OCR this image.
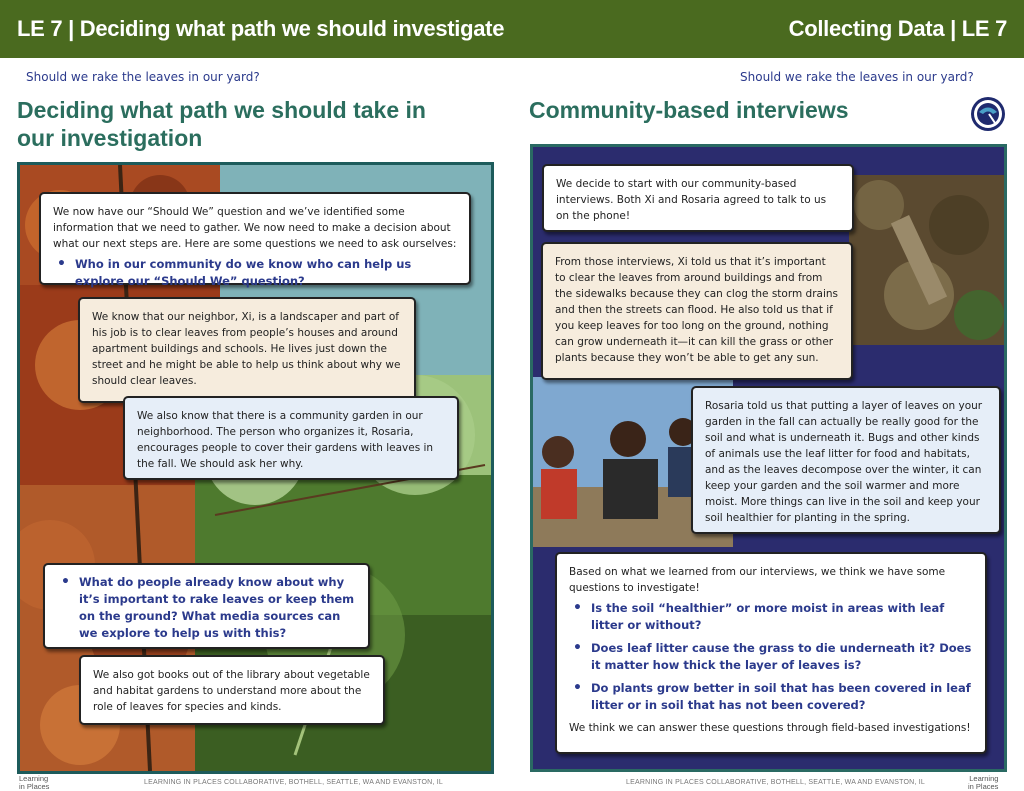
LE 7 | Deciding what path we should investigate	Collecting Data | LE 7
Should we rake the leaves in our yard?
Deciding what path we should take in
our investigation
We now have our “Should We” question and we’ve identified some information that we need to gather. We now need to make a decision about what our next steps are. Here are some questions we need to ask ourselves:
• Who in our community do we know who can help us explore our “Should We” question?
We know that our neighbor, Xi, is a landscaper and part of his job is to clear leaves from people’s houses and around apartment buildings and schools. He lives just down the street and he might be able to help us think about why we should clear leaves.
We also know that there is a community garden in our neighborhood. The person who organizes it, Rosaria, encourages people to cover their gardens with leaves in the fall. We should ask her why.
• What do people already know about why it’s important to rake leaves or keep them on the ground? What media sources can we explore to help us with this?
We also got books out of the library about vegetable and habitat gardens to understand more about the role of leaves for species and kinds.
Should we rake the leaves in our yard?
Community-based interviews
We decide to start with our community-based interviews. Both Xi and Rosaria agreed to talk to us on the phone!
From those interviews, Xi told us that it’s important to clear the leaves from around buildings and from the sidewalks because they can clog the storm drains and then the streets can flood. He also told us that if you keep leaves for too long on the ground, nothing can grow underneath it—it can kill the grass or other plants because they won’t be able to get any sun.
Rosaria told us that putting a layer of leaves on your garden in the fall can actually be really good for the soil and what is underneath it. Bugs and other kinds of animals use the leaf litter for food and habitats, and as the leaves decompose over the winter, it can keep your garden and the soil warmer and more moist. More things can live in the soil and keep your soil healthier for planting in the spring.
Based on what we learned from our interviews, we think we have some questions to investigate!
• Is the soil “healthier” or more moist in areas with leaf litter or without?
• Does leaf litter cause the grass to die underneath it? Does it matter how thick the layer of leaves is?
• Do plants grow better in soil that has been covered in leaf litter or in soil that has not been covered?

We think we can answer these questions through field-based investigations!

Learning
in Places	LEARNING IN PLACES COLLABORATIVE, BOTHELL, SEATTLE, WA AND EVANSTON, IL	LEARNING IN PLACES COLLABORATIVE, BOTHELL, SEATTLE, WA AND EVANSTON, IL	Learning
in Places
